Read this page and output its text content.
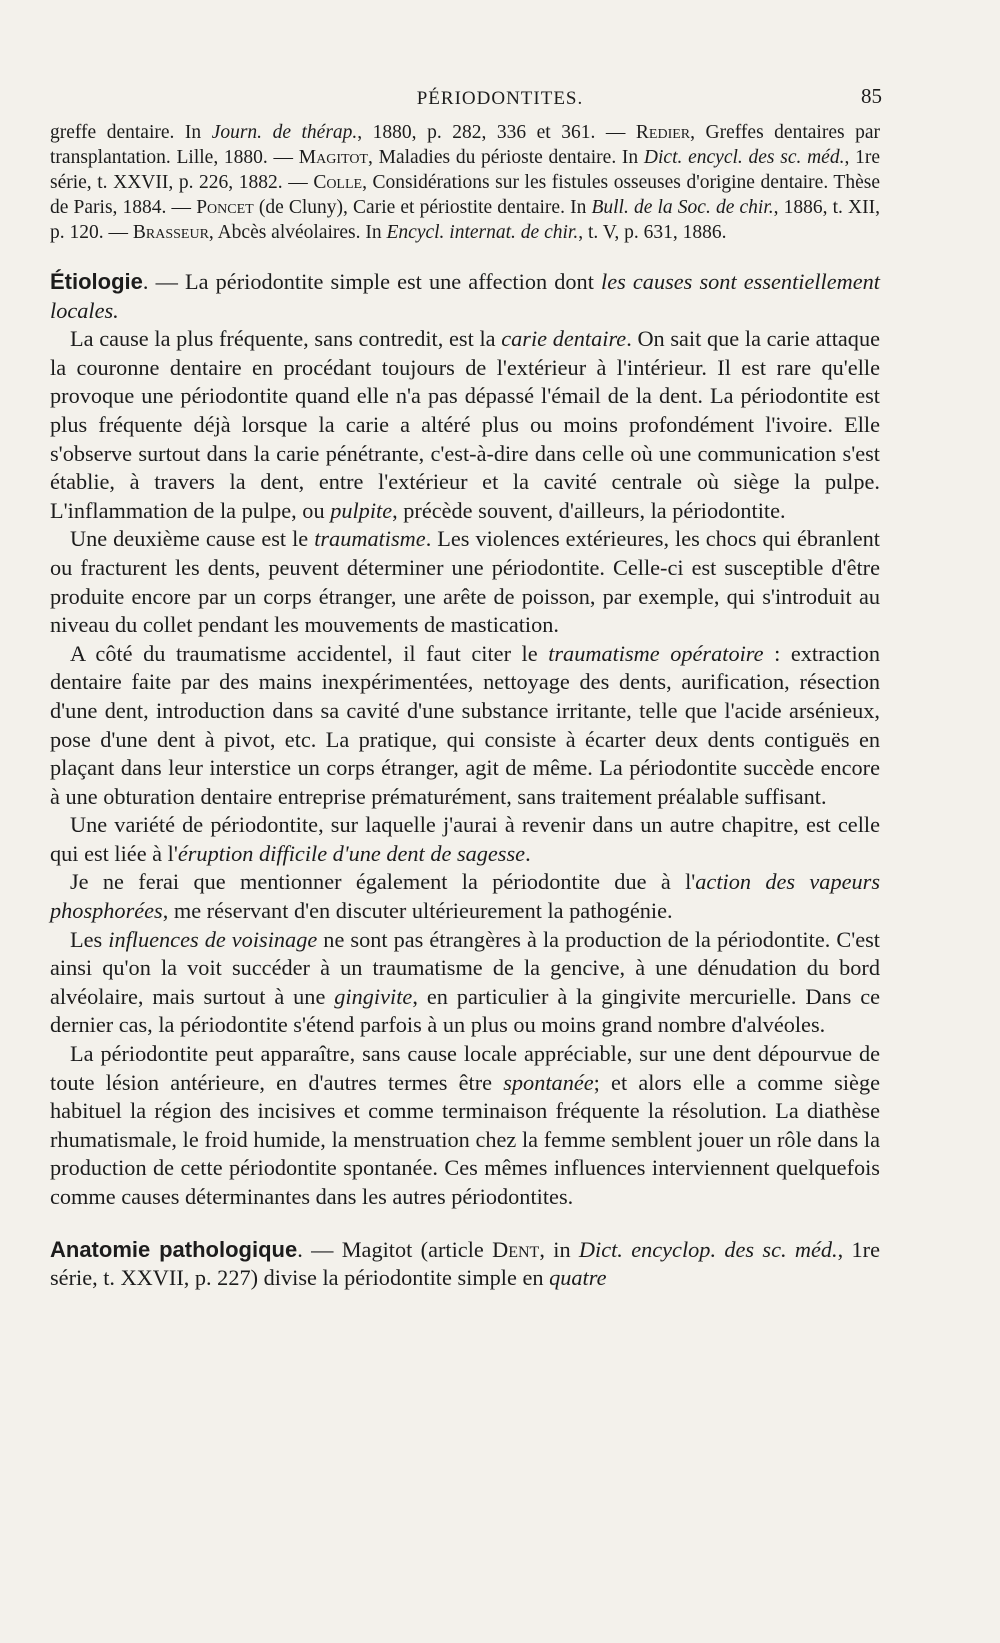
PÉRIODONTITES.	85
greffe dentaire. In Journ. de thérap., 1880, p. 282, 336 et 361. — Redier, Greffes dentaires par transplantation. Lille, 1880. — Magitot, Maladies du périoste dentaire. In Dict. encycl. des sc. méd., 1re série, t. XXVII, p. 226, 1882. — Colle, Considérations sur les fistules osseuses d'origine dentaire. Thèse de Paris, 1884. — Poncet (de Cluny), Carie et périostite dentaire. In Bull. de la Soc. de chir., 1886, t. XII, p. 120. — Brasseur, Abcès alvéolaires. In Encycl. internat. de chir., t. V, p. 631, 1886.

Étiologie. — La périodontite simple est une affection dont les causes sont essentiellement locales.

La cause la plus fréquente, sans contredit, est la carie dentaire. On sait que la carie attaque la couronne dentaire en procédant toujours de l'extérieur à l'intérieur. Il est rare qu'elle provoque une périodontite quand elle n'a pas dépassé l'émail de la dent. La périodontite est plus fréquente déjà lorsque la carie a altéré plus ou moins profondément l'ivoire. Elle s'observe surtout dans la carie pénétrante, c'est-à-dire dans celle où une communication s'est établie, à travers la dent, entre l'extérieur et la cavité centrale où siège la pulpe. L'inflammation de la pulpe, ou pulpite, précède souvent, d'ailleurs, la périodontite.

Une deuxième cause est le traumatisme. Les violences extérieures, les chocs qui ébranlent ou fracturent les dents, peuvent déterminer une périodontite. Celle-ci est susceptible d'être produite encore par un corps étranger, une arête de poisson, par exemple, qui s'introduit au niveau du collet pendant les mouvements de mastication.

A côté du traumatisme accidentel, il faut citer le traumatisme opératoire : extraction dentaire faite par des mains inexpérimentées, nettoyage des dents, aurification, résection d'une dent, introduction dans sa cavité d'une substance irritante, telle que l'acide arsénieux, pose d'une dent à pivot, etc. La pratique, qui consiste à écarter deux dents contiguës en plaçant dans leur interstice un corps étranger, agit de même. La périodontite succède encore à une obturation dentaire entreprise prématurément, sans traitement préalable suffisant.

Une variété de périodontite, sur laquelle j'aurai à revenir dans un autre chapitre, est celle qui est liée à l'éruption difficile d'une dent de sagesse.

Je ne ferai que mentionner également la périodontite due à l'action des vapeurs phosphorées, me réservant d'en discuter ultérieurement la pathogénie.

Les influences de voisinage ne sont pas étrangères à la production de la périodontite. C'est ainsi qu'on la voit succéder à un traumatisme de la gencive, à une dénudation du bord alvéolaire, mais surtout à une gingivite, en particulier à la gingivite mercurielle. Dans ce dernier cas, la périodontite s'étend parfois à un plus ou moins grand nombre d'alvéoles.

La périodontite peut apparaître, sans cause locale appréciable, sur une dent dépourvue de toute lésion antérieure, en d'autres termes être spontanée; et alors elle a comme siège habituel la région des incisives et comme terminaison fréquente la résolution. La diathèse rhumatismale, le froid humide, la menstruation chez la femme semblent jouer un rôle dans la production de cette périodontite spontanée. Ces mêmes influences interviennent quelquefois comme causes déterminantes dans les autres périodontites.

Anatomie pathologique. — Magitot (article Dent, in Dict. encyclop. des sc. méd., 1re série, t. XXVII, p. 227) divise la périodontite simple en quatre
